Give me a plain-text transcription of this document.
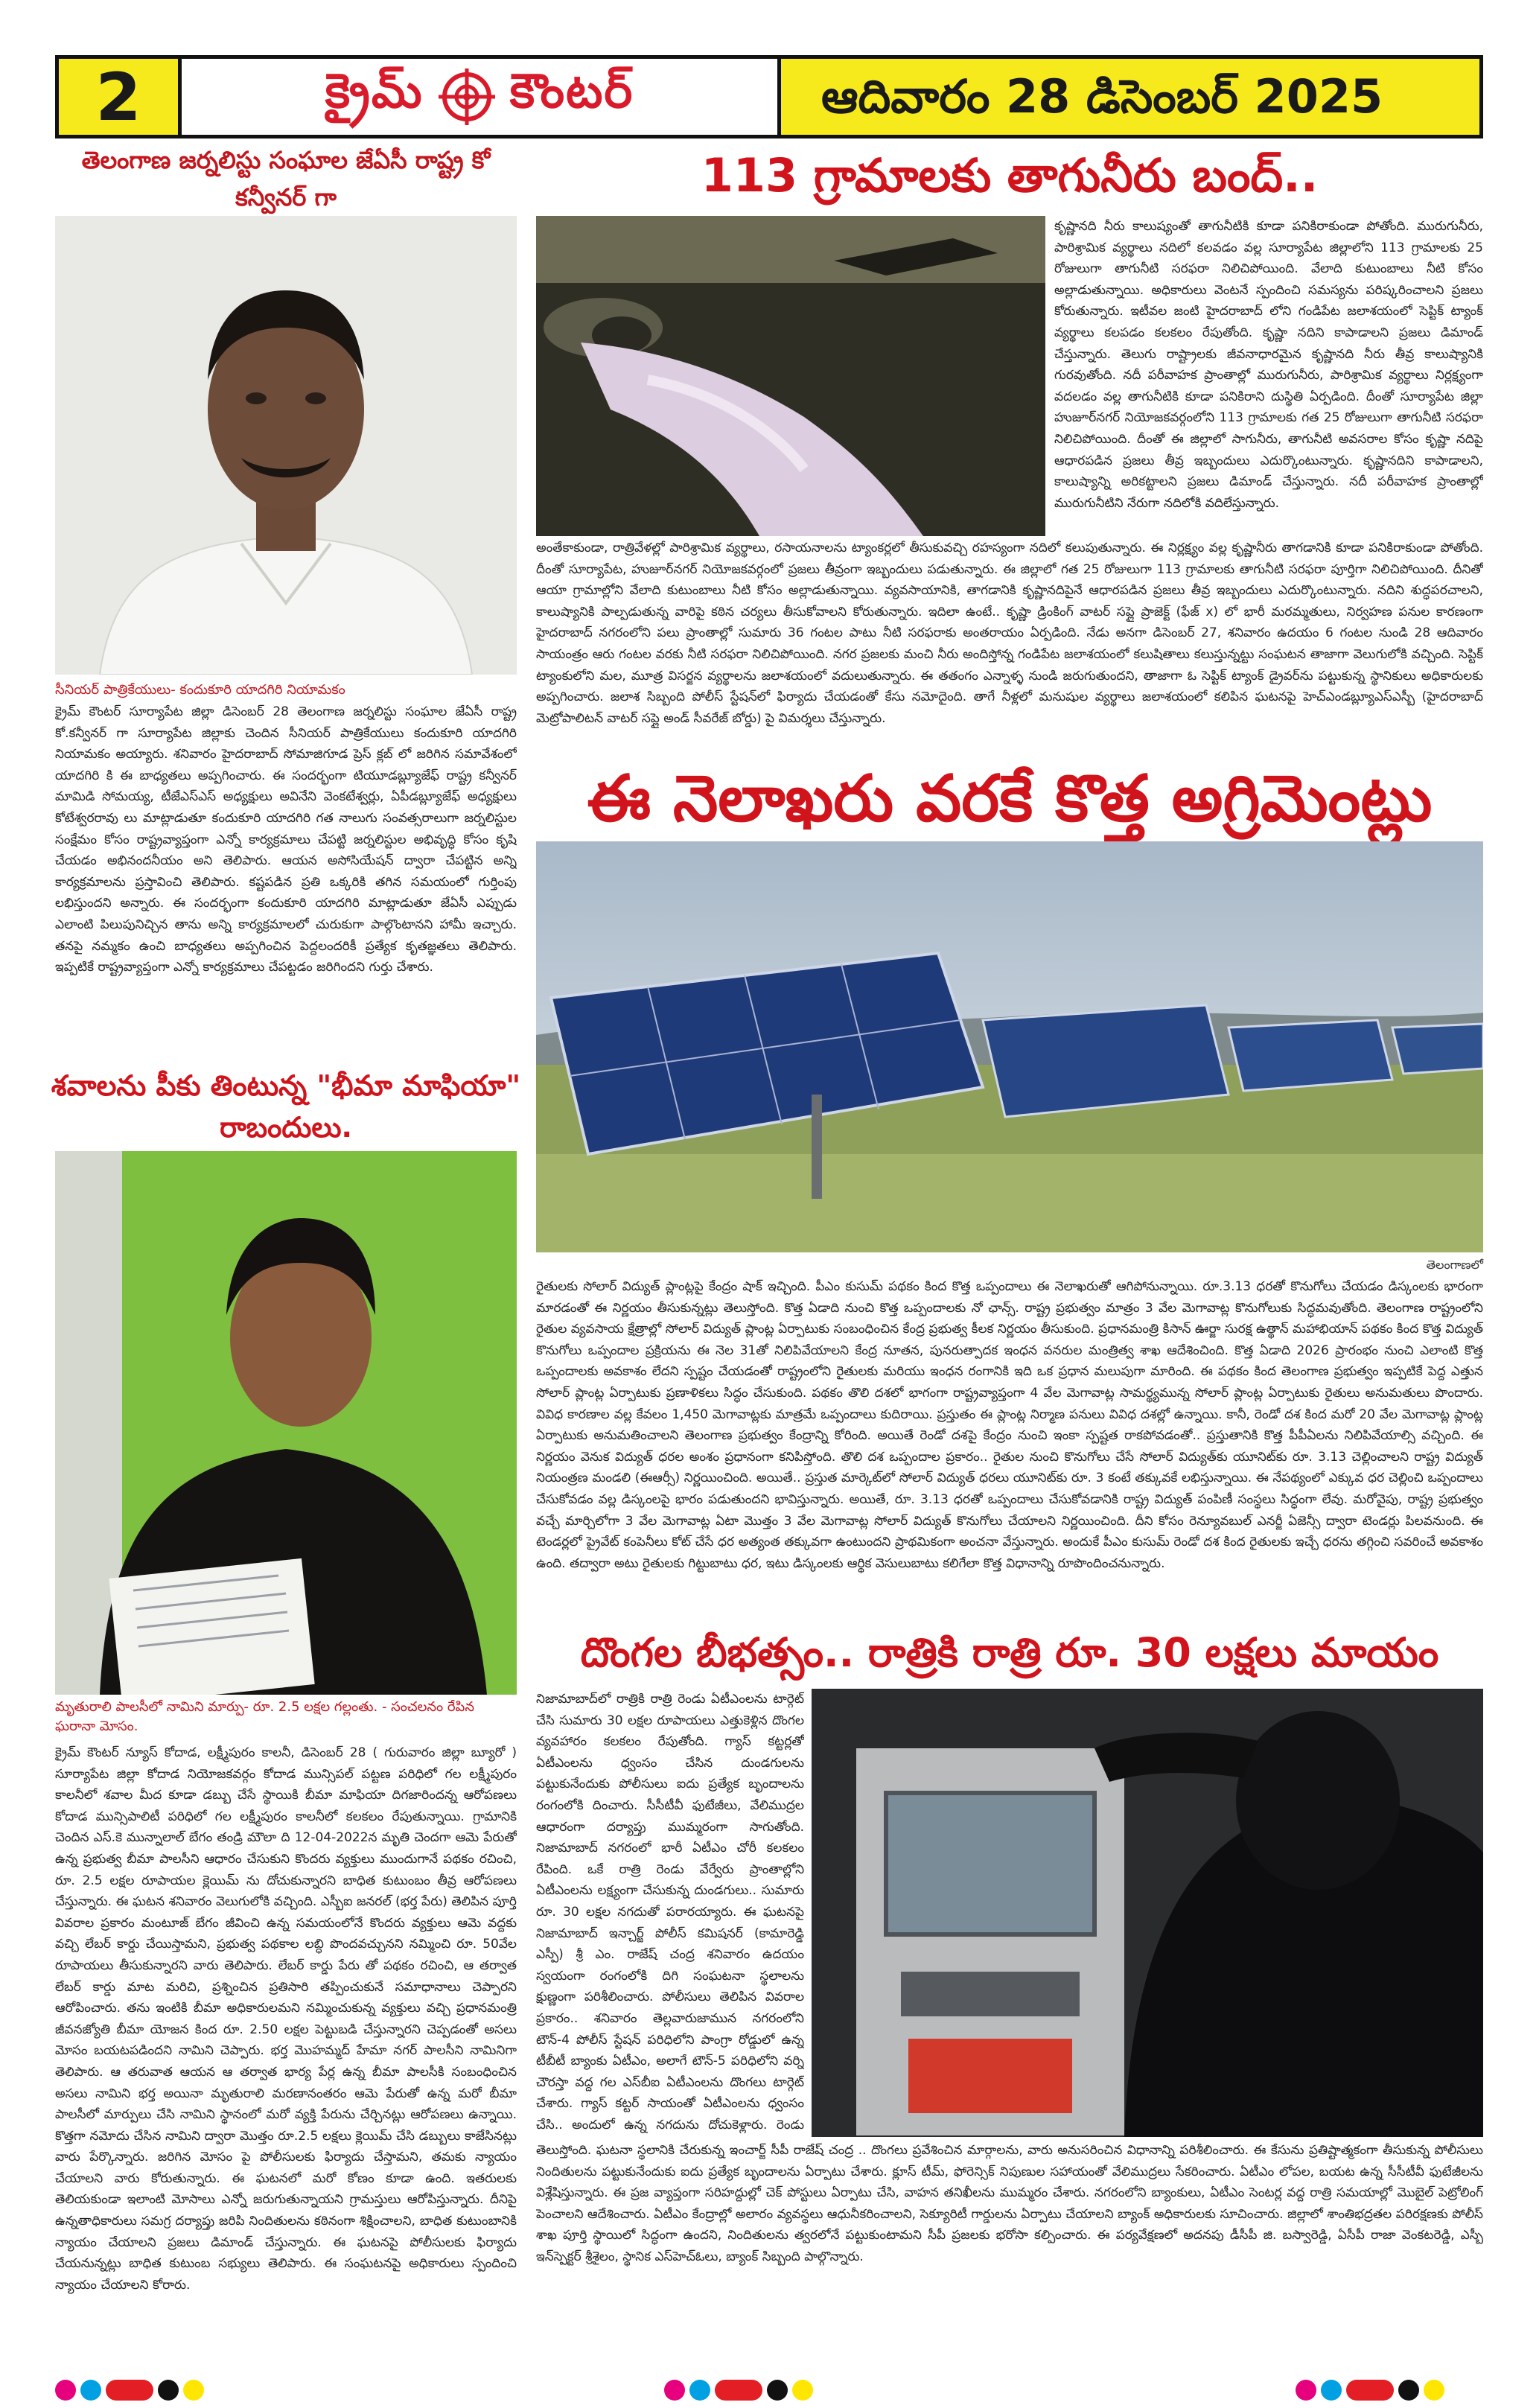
2	క్రైమ్ కౌంటర్	ఆదివారం 28 డిసెంబర్ 2025
తెలంగాణ జర్నలిస్టు సంఘాల జేఏసీ రాష్ట్ర కో కన్వీనర్ గా
సీనియర్ పాత్రికేయులు- కందుకూరి యాదగిరి నియామకం
క్రైమ్ కౌంటర్ సూర్యాపేట జిల్లా డిసెంబర్ 28 తెలంగాణ జర్నలిస్టు సంఘాల జేఏసీ రాష్ట్ర కో.కన్వీనర్ గా సూర్యాపేట జిల్లాకు చెందిన సీనియర్ పాత్రికేయులు కందుకూరి యాదగిరి నియామకం అయ్యారు. శనివారం హైదరాబాద్ సోమాజిగూడ ప్రెస్ క్లబ్ లో జరిగిన సమావేశంలో యాదగిరి కి ఈ బాధ్యతలు అప్పగించారు. ఈ సందర్భంగా టియూడబ్ల్యూజేఫ్ రాష్ట్ర కన్వీనర్ మామిడి సోమయ్య, టీజేఎస్ఎస్ అధ్యక్షులు అవినేని వెంకటేశ్వర్లు, ఏపీడబ్ల్యూజేఫ్ అధ్యక్షులు కోటేశ్వరరావు లు మాట్లాడుతూ కందుకూరి యాదగిరి గత నాలుగు సంవత్సరాలుగా జర్నలిస్టుల సంక్షేమం కోసం రాష్ట్రవ్యాప్తంగా ఎన్నో కార్యక్రమాలు చేపట్టి జర్నలిస్టుల అభివృద్ధి కోసం కృషి చేయడం అభినందనీయం అని తెలిపారు. ఆయన అసోసియేషన్ ద్వారా చేపట్టిన అన్ని కార్యక్రమాలను ప్రస్తావించి తెలిపారు. కష్టపడిన ప్రతి ఒక్కరికి తగిన సమయంలో గుర్తింపు లభిస్తుందని అన్నారు. ఈ సందర్భంగా కందుకూరి యాదగిరి మాట్లాడుతూ జేఏసీ ఎప్పుడు ఎలాంటి పిలుపునిచ్చిన తాను అన్ని కార్యక్రమాలలో చురుకుగా పాల్గొంటానని హామీ ఇచ్చారు. తనపై నమ్మకం ఉంచి బాధ్యతలు అప్పగించిన పెద్దలందరికీ ప్రత్యేక కృతజ్ఞతలు తెలిపారు. ఇప్పటికే రాష్ట్రవ్యాప్తంగా ఎన్నో కార్యక్రమాలు చేపట్టడం జరిగిందని గుర్తు చేశారు.
శవాలను పీకు తింటున్న "భీమా మాఫియా" రాబందులు.
మృతురాలి పాలసీలో నామిని మార్పు- రూ. 2.5 లక్షల గల్లంతు. - సంచలనం రేపిన ఘరానా మోసం.
క్రైమ్ కౌంటర్ న్యూస్ కోదాడ, లక్ష్మీపురం కాలనీ, డిసెంబర్ 28 ( గురువారం జిల్లా బ్యూరో ) సూర్యాపేట జిల్లా కోదాడ నియోజకవర్గం కోదాడ మున్సిపల్ పట్టణ పరిధిలో గల లక్ష్మీపురం కాలనీలో శవాల మీద కూడా డబ్బు చేసే స్థాయికి బీమా మాఫియా దిగజారిందన్న ఆరోపణలు కోదాడ మున్సిపాలిటీ పరిధిలో గల లక్ష్మీపురం కాలనీలో కలకలం రేపుతున్నాయి. గ్రామానికి చెందిన ఎస్.కె మున్నాలాల్ బేగం తండ్రి మౌలా ది 12-04-2022న మృతి చెందగా ఆమె పేరుతో ఉన్న ప్రభుత్వ బీమా పాలసీని ఆధారం చేసుకుని కొందరు వ్యక్తులు ముందుగానే పథకం రచించి, రూ. 2.5 లక్షల రూపాయల క్లెయిమ్ ను దోచుకున్నారని బాధిత కుటుంబం తీవ్ర ఆరోపణలు చేస్తున్నారు. ఈ ఘటన శనివారం వెలుగులోకి వచ్చింది. ఎస్బీఐ జనరల్ (భర్త పేరు) తెలిపిన పూర్తి వివరాల ప్రకారం మంటూజ్ బేగం జీవించి ఉన్న సమయంలోనే కొందరు వ్యక్తులు ఆమె వద్దకు వచ్చి లేబర్ కార్డు చేయిస్తామని, ప్రభుత్వ పథకాల లబ్ధి పొందవచ్చునని నమ్మించి రూ. 50వేల రూపాయలు తీసుకున్నారని వారు తెలిపారు. లేబర్ కార్డు పేరు తో పథకం రచించి, ఆ తర్వాత లేబర్ కార్డు మాట మరిచి, ప్రశ్నించిన ప్రతిసారి తప్పించుకునే సమాధానాలు చెప్పారని ఆరోపించారు. తను ఇంటికి బీమా అధికారులమని నమ్మించుకున్న వ్యక్తులు వచ్చి ప్రధానమంత్రి జీవనజ్యోతి బీమా యోజన కింద రూ. 2.50 లక్షల పెట్టుబడి చేస్తున్నారని చెప్పడంతో అసలు మోసం బయటపడిందని నామిని చెప్పారు. భర్త మొహమ్మద్ హేమా నగర్ పాలసీని నామినిగా తెలిపారు. ఆ తరువాత ఆయన ఆ తర్వాత భార్య పేర్ల ఉన్న బీమా పాలసీకి సంబంధించిన అసలు నామిని భర్త అయినా మృతురాలి మరణానంతరం ఆమె పేరుతో ఉన్న మరో బీమా పాలసీలో మార్పులు చేసి నామిని స్థానంలో మరో వ్యక్తి పేరును చేర్చినట్లు ఆరోపణలు ఉన్నాయి. కొత్తగా నమోదు చేసిన నామిని ద్వారా మొత్తం రూ.2.5 లక్షలు క్లెయిమ్ చేసి డబ్బులు కాజేసినట్లు వారు పేర్కొన్నారు. జరిగిన మోసం పై పోలీసులకు ఫిర్యాదు చేస్తామని, తమకు న్యాయం చేయాలని వారు కోరుతున్నారు. ఈ ఘటనలో మరో కోణం కూడా ఉంది. ఇతరులకు తెలియకుండా ఇలాంటి మోసాలు ఎన్నో జరుగుతున్నాయని గ్రామస్తులు ఆరోపిస్తున్నారు. దీనిపై ఉన్నతాధికారులు సమగ్ర దర్యాప్తు జరిపి నిందితులను కఠినంగా శిక్షించాలని, బాధిత కుటుంబానికి న్యాయం చేయాలని ప్రజలు డిమాండ్ చేస్తున్నారు. ఈ ఘటనపై పోలీసులకు ఫిర్యాదు చేయనున్నట్లు బాధిత కుటుంబ సభ్యులు తెలిపారు. ఈ సంఘటనపై అధికారులు స్పందించి న్యాయం చేయాలని కోరారు.
113 గ్రామాలకు తాగునీరు బంద్..
కృష్ణానది నీరు కాలుష్యంతో తాగునీటికి కూడా పనికిరాకుండా పోతోంది. మురుగునీరు, పారిశ్రామిక వ్యర్థాలు నదిలో కలవడం వల్ల సూర్యాపేట జిల్లాలోని 113 గ్రామాలకు 25 రోజులుగా తాగునీటి సరఫరా నిలిచిపోయింది. వేలాది కుటుంబాలు నీటి కోసం అల్లాడుతున్నాయి. అధికారులు వెంటనే స్పందించి సమస్యను పరిష్కరించాలని ప్రజలు కోరుతున్నారు. ఇటీవల జంటి హైదరాబాద్ లోని గండిపేట జలాశయంలో సెప్టిక్ ట్యాంక్ వ్యర్థాలు కలపడం కలకలం రేపుతోంది. కృష్ణా నదిని కాపాడాలని ప్రజలు డిమాండ్ చేస్తున్నారు. తెలుగు రాష్ట్రాలకు జీవనాధారమైన కృష్ణానది నీరు తీవ్ర కాలుష్యానికి గురవుతోంది. నదీ పరీవాహక ప్రాంతాల్లో మురుగునీరు, పారిశ్రామిక వ్యర్థాలు నిర్లక్ష్యంగా వదలడం వల్ల తాగునీటికి కూడా పనికిరాని దుస్థితి ఏర్పడింది. దీంతో సూర్యాపేట జిల్లా హుజూర్‌నగర్ నియోజకవర్గంలోని 113 గ్రామాలకు గత 25 రోజులుగా తాగునీటి సరఫరా నిలిచిపోయింది. దీంతో ఈ జిల్లాలో సాగునీరు, తాగునీటి అవసరాల కోసం కృష్ణా నదిపై ఆధారపడిన ప్రజలు తీవ్ర ఇబ్బందులు ఎదుర్కొంటున్నారు. కృష్ణానదిని కాపాడాలని, కాలుష్యాన్ని అరికట్టాలని ప్రజలు డిమాండ్ చేస్తున్నారు. నదీ పరీవాహక ప్రాంతాల్లో మురుగునీటిని నేరుగా నదిలోకి వదిలేస్తున్నారు.
అంతేకాకుండా, రాత్రివేళల్లో పారిశ్రామిక వ్యర్థాలు, రసాయనాలను ట్యాంకర్లలో తీసుకువచ్చి రహస్యంగా నదిలో కలుపుతున్నారు. ఈ నిర్లక్ష్యం వల్ల కృష్ణానీరు తాగడానికి కూడా పనికిరాకుండా పోతోంది. దీంతో సూర్యాపేట, హుజూర్‌నగర్ నియోజకవర్గంలో ప్రజలు తీవ్రంగా ఇబ్బందులు పడుతున్నారు. ఈ జిల్లాలో గత 25 రోజులుగా 113 గ్రామాలకు తాగునీటి సరఫరా పూర్తిగా నిలిచిపోయింది. దీనితో ఆయా గ్రామాల్లోని వేలాది కుటుంబాలు నీటి కోసం అల్లాడుతున్నాయి. వ్యవసాయానికి, తాగడానికి కృష్ణానదిపైనే ఆధారపడిన ప్రజలు తీవ్ర ఇబ్బందులు ఎదుర్కొంటున్నారు. నదిని శుద్ధపరచాలని, కాలుష్యానికి పాల్పడుతున్న వారిపై కఠిన చర్యలు తీసుకోవాలని కోరుతున్నారు. ఇదిలా ఉంటే.. కృష్ణా డ్రింకింగ్ వాటర్ సప్లై ప్రాజెక్ట్ (ఫేజ్ x) లో భారీ మరమ్మతులు, నిర్వహణ పనుల కారణంగా హైదరాబాద్ నగరంలోని పలు ప్రాంతాల్లో సుమారు 36 గంటల పాటు నీటి సరఫరాకు అంతరాయం ఏర్పడింది. నేడు అనగా డిసెంబర్ 27, శనివారం ఉదయం 6 గంటల నుండి 28 ఆదివారం సాయంత్రం ఆరు గంటల వరకు నీటి సరఫరా నిలిచిపోయింది. నగర ప్రజలకు మంచి నీరు అందిస్తోన్న గండిపేట జలాశయంలో కలుషితాలు కలుస్తున్నట్టు సంఘటన తాజాగా వెలుగులోకి వచ్చింది. సెప్టిక్ ట్యాంకులోని మల, మూత్ర విసర్జన వ్యర్థాలను జలాశయంలో వదులుతున్నారు. ఈ తతంగం ఎన్నాళ్ళ నుండి జరుగుతుందని, తాజాగా ఓ సెప్టిక్ ట్యాంక్ డ్రైవర్‌ను పట్టుకున్న స్థానికులు అధికారులకు అప్పగించారు. జలాశ సిబ్బంది పోలీస్ స్టేషన్‌లో ఫిర్యాదు చేయడంతో కేసు నమోదైంది. తాగే నీళ్లలో మనుషుల వ్యర్థాలు జలాశయంలో కలిపిన ఘటనపై హెచ్ఎండబ్ల్యూఎస్ఎస్బీ (హైదరాబాద్ మెట్రోపాలిటన్ వాటర్ సప్లై అండ్ సీవరేజ్ బోర్డు) పై విమర్శలు చేస్తున్నారు.
ఈ నెలాఖరు వరకే కొత్త అగ్రిమెంట్లు
తెలంగాణలో
రైతులకు సోలార్ విద్యుత్ ప్లాంట్లపై కేంద్రం షాక్ ఇచ్చింది. పీఎం కుసుమ్ పథకం కింద కొత్త ఒప్పందాలు ఈ నెలాఖరుతో ఆగిపోనున్నాయి. రూ.3.13 ధరతో కొనుగోలు చేయడం డిస్కంలకు భారంగా మారడంతో ఈ నిర్ణయం తీసుకున్నట్లు తెలుస్తోంది. కొత్త ఏడాది నుంచి కొత్త ఒప్పందాలకు నో ఛాన్స్. రాష్ట్ర ప్రభుత్వం మాత్రం 3 వేల మెగావాట్ల కొనుగోలుకు సిద్ధమవుతోంది. తెలంగాణ రాష్ట్రంలోని రైతుల వ్యవసాయ క్షేత్రాల్లో సోలార్ విద్యుత్ ప్లాంట్ల ఏర్పాటుకు సంబంధించిన కేంద్ర ప్రభుత్వ కీలక నిర్ణయం తీసుకుంది. ప్రధానమంత్రి కిసాన్ ఊర్జా సురక్ష ఉత్థాన్ మహాభియాన్ పథకం కింద కొత్త విద్యుత్ కొనుగోలు ఒప్పందాల ప్రక్రియను ఈ నెల 31తో నిలిపివేయాలని కేంద్ర నూతన, పునరుత్పాదక ఇంధన వనరుల మంత్రిత్వ శాఖ ఆదేశించింది. కొత్త ఏడాది 2026 ప్రారంభం నుంచి ఎలాంటి కొత్త ఒప్పందాలకు అవకాశం లేదని స్పష్టం చేయడంతో రాష్ట్రంలోని రైతులకు మరియు ఇంధన రంగానికి ఇది ఒక ప్రధాన మలుపుగా మారింది. ఈ పథకం కింద తెలంగాణ ప్రభుత్వం ఇప్పటికే పెద్ద ఎత్తున సోలార్ ప్లాంట్ల ఏర్పాటుకు ప్రణాళికలు సిద్ధం చేసుకుంది. పథకం తొలి దశలో భాగంగా రాష్ట్రవ్యాప్తంగా 4 వేల మెగావాట్ల సామర్థ్యమున్న సోలార్ ప్లాంట్ల ఏర్పాటుకు రైతులు అనుమతులు పొందారు. వివిధ కారణాల వల్ల కేవలం 1,450 మెగావాట్లకు మాత్రమే ఒప్పందాలు కుదిరాయి. ప్రస్తుతం ఈ ప్లాంట్ల నిర్మాణ పనులు వివిధ దశల్లో ఉన్నాయి. కానీ, రెండో దశ కింద మరో 20 వేల మెగావాట్ల ప్లాంట్ల ఏర్పాటుకు అనుమతించాలని తెలంగాణ ప్రభుత్వం కేంద్రాన్ని కోరింది. అయితే రెండో దశపై కేంద్రం నుంచి ఇంకా స్పష్టత రాకపోవడంతో.. ప్రస్తుతానికి కొత్త పీపీఏలను నిలిపివేయాల్సి వచ్చింది. ఈ నిర్ణయం వెనుక విద్యుత్ ధరల అంశం ప్రధానంగా కనిపిస్తోంది. తొలి దశ ఒప్పందాల ప్రకారం.. రైతుల నుంచి కొనుగోలు చేసే సోలార్ విద్యుత్‌కు యూనిట్‌కు రూ. 3.13 చెల్లించాలని రాష్ట్ర విద్యుత్ నియంత్రణ మండలి (ఈఆర్సీ) నిర్ణయించింది. అయితే.. ప్రస్తుత మార్కెట్‌లో సోలార్ విద్యుత్ ధరలు యూనిట్‌కు రూ. 3 కంటే తక్కువకే లభిస్తున్నాయి. ఈ నేపథ్యంలో ఎక్కువ ధర చెల్లించి ఒప్పందాలు చేసుకోవడం వల్ల డిస్కంలపై భారం పడుతుందని భావిస్తున్నారు. అయితే, రూ. 3.13 ధరతో ఒప్పందాలు చేసుకోవడానికి రాష్ట్ర విద్యుత్ పంపిణీ సంస్థలు సిద్ధంగా లేవు. మరోవైపు, రాష్ట్ర ప్రభుత్వం వచ్చే మార్చిలోగా 3 వేల మెగావాట్ల ఏటా మొత్తం 3 వేల మెగావాట్ల సోలార్ విద్యుత్ కొనుగోలు చేయాలని నిర్ణయించింది. దీని కోసం రెన్యూవబుల్ ఎనర్జీ ఏజెన్సీ ద్వారా టెండర్లు పిలవనుంది. ఈ టెండర్లలో ప్రైవేట్ కంపెనీలు కోట్ చేసే ధర అత్యంత తక్కువగా ఉంటుందని ప్రాథమికంగా అంచనా వేస్తున్నారు. అందుకే పీఎం కుసుమ్ రెండో దశ కింద రైతులకు ఇచ్చే ధరను తగ్గించి సవరించే అవకాశం ఉంది. తద్వారా అటు రైతులకు గిట్టుబాటు ధర, ఇటు డిస్కంలకు ఆర్థిక వెసులుబాటు కలిగేలా కొత్త విధానాన్ని రూపొందించనున్నారు.
దొంగల బీభత్సం.. రాత్రికి రాత్రి రూ. 30 లక్షలు మాయం
నిజామాబాద్‌లో రాత్రికి రాత్రి రెండు ఏటీఎంలను టార్గెట్ చేసి సుమారు 30 లక్షల రూపాయలు ఎత్తుకెళ్లిన దొంగల వ్యవహారం కలకలం రేపుతోంది. గ్యాస్ కట్టర్లతో ఏటీఎంలను ధ్వంసం చేసిన దుండగులను పట్టుకునేందుకు పోలీసులు ఐదు ప్రత్యేక బృందాలను రంగంలోకి దించారు. సీసీటీవీ ఫుటేజీలు, వేలిముద్రల ఆధారంగా దర్యాప్తు ముమ్మరంగా సాగుతోంది. నిజామాబాద్ నగరంలో భారీ ఏటీఎం చోరీ కలకలం రేపింది. ఒకే రాత్రి రెండు వేర్వేరు ప్రాంతాల్లోని ఏటీఎంలను లక్ష్యంగా చేసుకున్న దుండగులు.. సుమారు రూ. 30 లక్షల నగదుతో పరారయ్యారు. ఈ ఘటనపై నిజామాబాద్ ఇన్చార్జ్ పోలీస్ కమిషనర్ (కామారెడ్డి ఎస్పీ) శ్రీ ఎం. రాజేష్ చంద్ర శనివారం ఉదయం స్వయంగా రంగంలోకి దిగి సంఘటనా స్థలాలను క్షుణ్ణంగా పరిశీలించారు. పోలీసులు తెలిపిన వివరాల ప్రకారం.. శనివారం తెల్లవారుజామున నగరంలోని టౌన్-4 పోలీస్ స్టేషన్ పరిధిలోని పాంగ్రా రోడ్డులో ఉన్న టీబీటీ బ్యాంకు ఏటీఎం, అలాగే టౌన్-5 పరిధిలోని వర్ని చౌరస్తా వద్ద గల ఎస్‌బీఐ ఏటీఎంలను దొంగలు టార్గెట్ చేశారు. గ్యాస్ కట్టర్ సాయంతో ఏటీఎంలను ధ్వంసం చేసి.. అందులో ఉన్న నగదును దోచుకెళ్లారు. రెండు
తెలుస్తోంది. ఘటనా స్థలానికి చేరుకున్న ఇంచార్జ్ సీపీ రాజేష్ చంద్ర .. దొంగలు ప్రవేశించిన మార్గాలను, వారు అనుసరించిన విధానాన్ని పరిశీలించారు. ఈ కేసును ప్రతిష్టాత్మకంగా తీసుకున్న పోలీసులు నిందితులను పట్టుకునేందుకు ఐదు ప్రత్యేక బృందాలను ఏర్పాటు చేశారు. క్లూస్ టీమ్, ఫోరెన్సిక్ నిపుణుల సహాయంతో వేలిముద్రలు సేకరించారు. ఏటీఎం లోపల, బయట ఉన్న సీసీటీవీ ఫుటేజీలను విశ్లేషిస్తున్నారు. ఈ ప్రజ వ్యాప్తంగా సరిహద్దుల్లో చెక్ పోస్టులు ఏర్పాటు చేసి, వాహన తనిఖీలను ముమ్మరం చేశారు. నగరంలోని బ్యాంకులు, ఏటీఎం సెంటర్ల వద్ద రాత్రి సమయాల్లో మొబైల్ పెట్రోలింగ్ పెంచాలని ఆదేశించారు. ఏటీఎం కేంద్రాల్లో అలారం వ్యవస్థలు ఆధునీకరించాలని, సెక్యూరిటీ గార్డులను ఏర్పాటు చేయాలని బ్యాంక్ అధికారులకు సూచించారు. జిల్లాలో శాంతిభద్రతల పరిరక్షణకు పోలీస్ శాఖ పూర్తి స్థాయిలో సిద్ధంగా ఉందని, నిందితులను త్వరలోనే పట్టుకుంటామని సీపీ ప్రజలకు భరోసా కల్పించారు. ఈ పర్యవేక్షణలో అదనపు డీసీపీ జి. బస్వారెడ్డి, ఏసీపీ రాజా వెంకటరెడ్డి, ఎస్బీ ఇన్‌స్పెక్టర్ శ్రీశైలం, స్థానిక ఎస్‌హెచ్‌ఓలు, బ్యాంక్ సిబ్బంది పాల్గొన్నారు.
